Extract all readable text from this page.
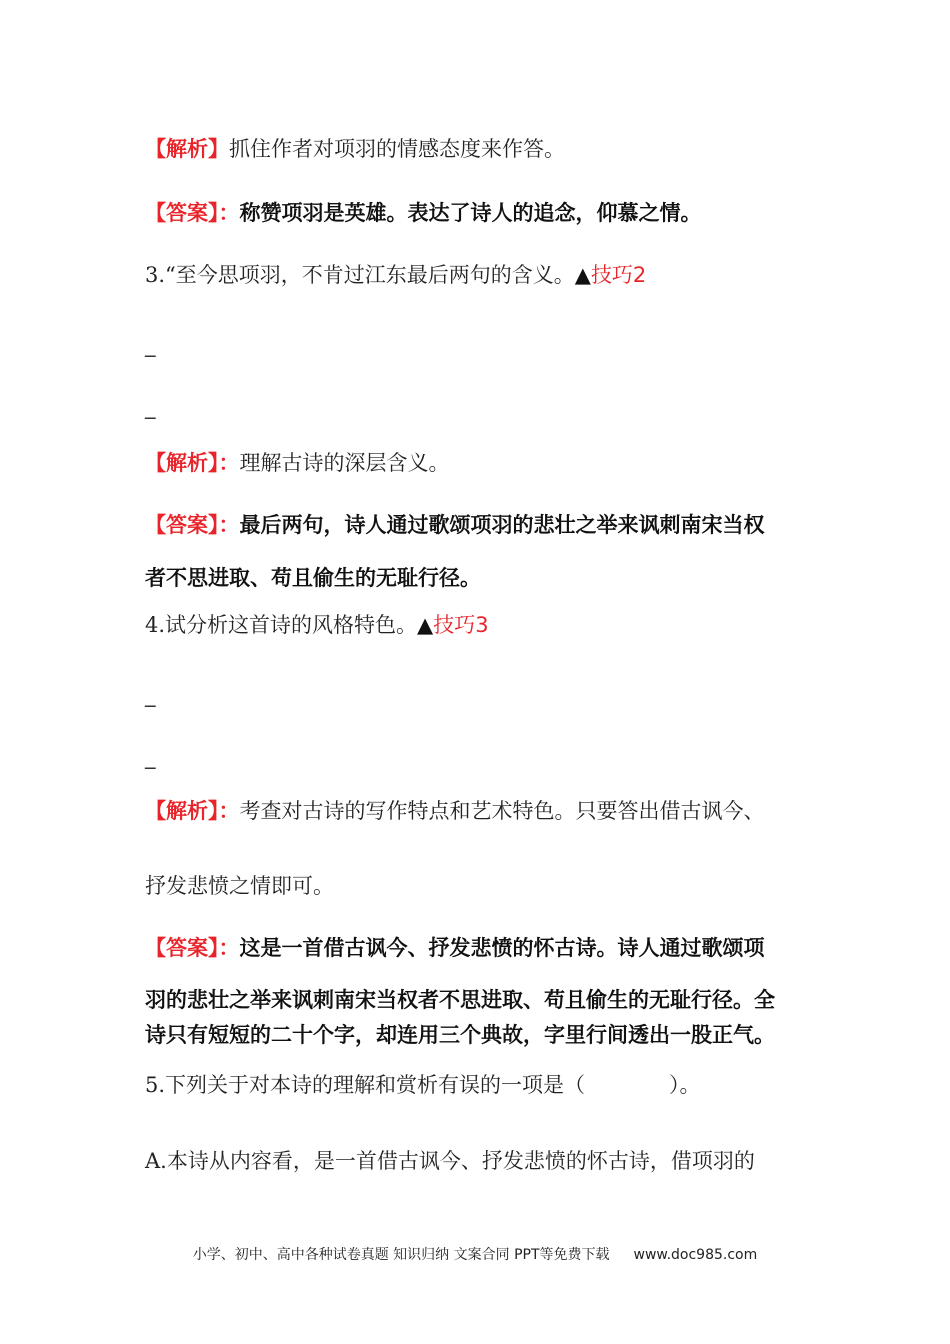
【解析】抓住作者对项羽的情感态度来作答。
【答案】：称赞项羽是英雄。表达了诗人的追念，仰慕之情。
3.“至今思项羽，不肯过江东最后两句的含义。▲技巧2
_
_
【解析】：理解古诗的深层含义。
【答案】：最后两句，诗人通过歌颂项羽的悲壮之举来讽刺南宋当权
者不思进取、苟且偷生的无耻行径。
4.试分析这首诗的风格特色。▲技巧3
_
_
【解析】：考查对古诗的写作特点和艺术特色。只要答出借古讽今、
抒发悲愤之情即可。
【答案】：这是一首借古讽今、抒发悲愤的怀古诗。诗人通过歌颂项
羽的悲壮之举来讽刺南宋当权者不思进取、苟且偷生的无耻行径。全
诗只有短短的二十个字，却连用三个典故，字里行间透出一股正气。
5.下列关于对本诗的理解和赏析有误的一项是（　　　　）。
A.本诗从内容看，是一首借古讽今、抒发悲愤的怀古诗，借项羽的
小学、初中、高中各种试卷真题 知识归纳 文案合同 PPT等免费下载 www.doc985.com
